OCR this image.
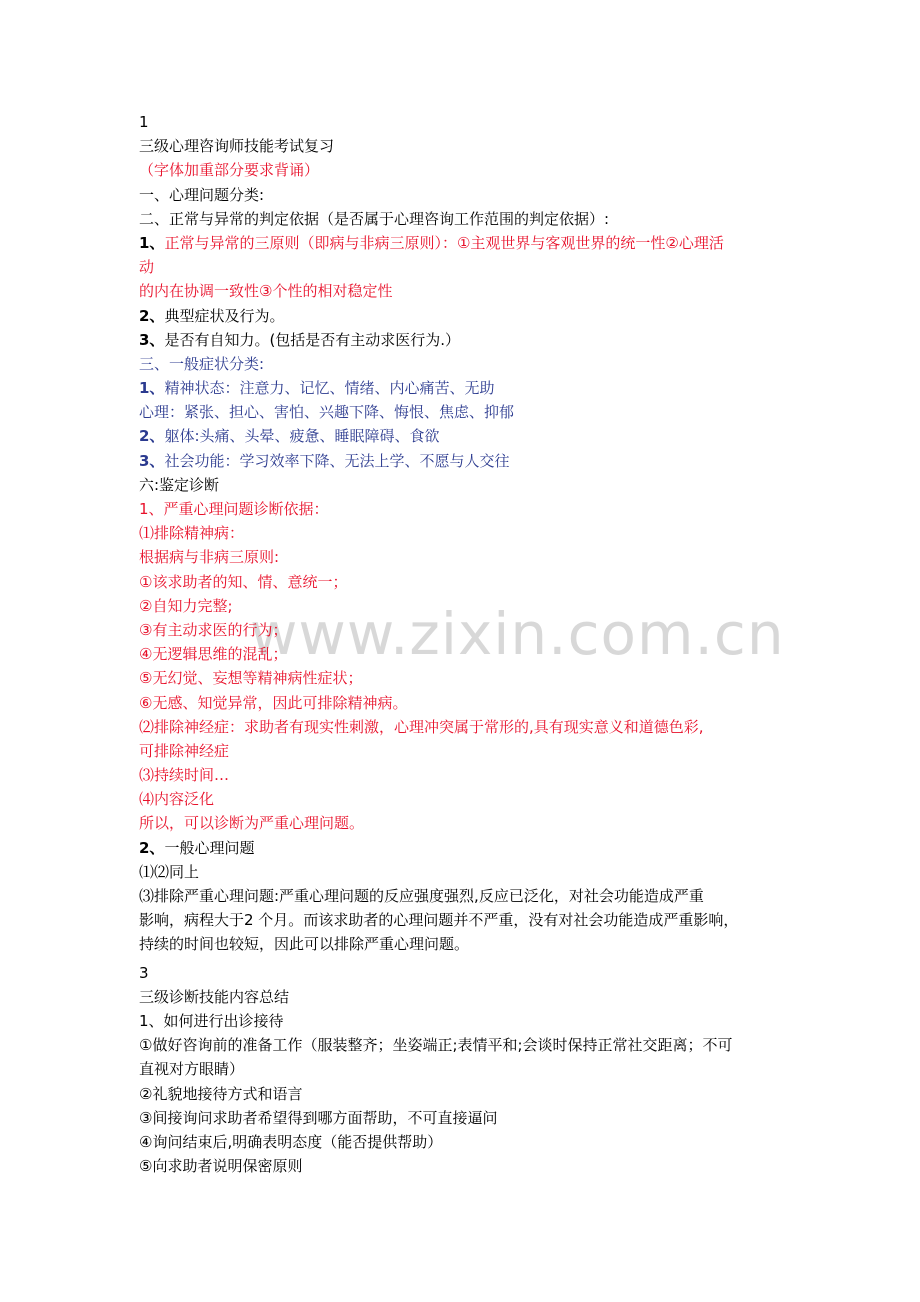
www.zixin.com.cn
1
三级心理咨询师技能考试复习
（字体加重部分要求背诵）
一、心理问题分类:
二、正常与异常的判定依据（是否属于心理咨询工作范围的判定依据）:
1、正常与异常的三原则（即病与非病三原则）：①主观世界与客观世界的统一性②心理活
动
的内在协调一致性③个性的相对稳定性
2、典型症状及行为。
3、是否有自知力。(包括是否有主动求医行为.）
三、一般症状分类:
1、精神状态：注意力、记忆、情绪、内心痛苦、无助
心理：紧张、担心、害怕、兴趣下降、悔恨、焦虑、抑郁
2、躯体:头痛、头晕、疲惫、睡眠障碍、食欲
3、社会功能：学习效率下降、无法上学、不愿与人交往
六:鉴定诊断
1、严重心理问题诊断依据：
⑴排除精神病：
根据病与非病三原则:
①该求助者的知、情、意统一；
②自知力完整;
③有主动求医的行为；
④无逻辑思维的混乱；
⑤无幻觉、妄想等精神病性症状；
⑥无感、知觉异常，因此可排除精神病。
⑵排除神经症：求助者有现实性刺激，心理冲突属于常形的,具有现实意义和道德色彩,
可排除神经症
⑶持续时间…
⑷内容泛化
所以，可以诊断为严重心理问题。
2、一般心理问题
⑴⑵同上
⑶排除严重心理问题:严重心理问题的反应强度强烈,反应已泛化，对社会功能造成严重
影响，病程大于2 个月。而该求助者的心理问题并不严重，没有对社会功能造成严重影响，
持续的时间也较短，因此可以排除严重心理问题。
3
三级诊断技能内容总结
1、如何进行出诊接待
①做好咨询前的准备工作（服装整齐；坐姿端正;表情平和;会谈时保持正常社交距离；不可
直视对方眼睛）
②礼貌地接待方式和语言
③间接询问求助者希望得到哪方面帮助，不可直接逼问
④询问结束后,明确表明态度（能否提供帮助）
⑤向求助者说明保密原则
